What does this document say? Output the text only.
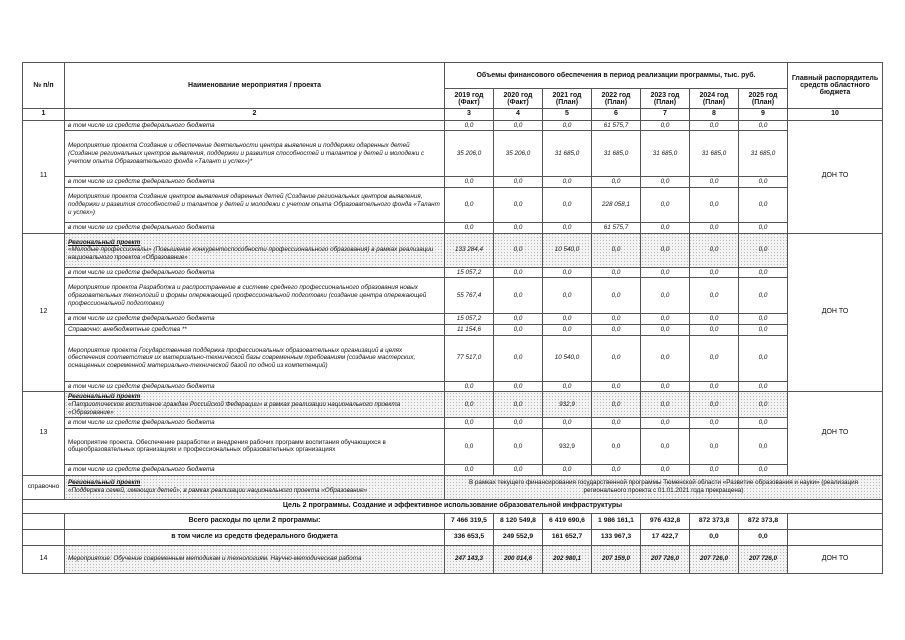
№ п/п	Наименование мероприятия / проекта	Объемы финансового обеспечения в период реализации программы, тыс. руб.							Главный распорядитель средств областного бюджета
		2019 год (Факт)	2020 год (Факт)	2021 год (План)	2022 год (План)	2023 год (План)	2024 год (План)	2025 год (План)	
1	2	3	4	5	6	7	8	9	10
11	в том числе из средств федерального бюджета	0,0	0,0	0,0	61 575,7	0,0	0,0	0,0	ДОН ТО
	Мероприятие проекта Создание и обеспечение деятельности центра выявления и поддержки одаренных детей (Создание региональных центров выявления, поддержки и развития способностей и талантов у детей и молодежи с учетом опыта Образовательного фонда «Талант и успех»)*	35 206,0	35 206,0	31 685,0	31 685,0	31 685,0	31 685,0	31 685,0	
	в том числе из средств федерального бюджета	0,0	0,0	0,0	0,0	0,0	0,0	0,0	
	Мероприятие проекта Создание центров выявления одаренных детей (Создание региональных центров выявления, поддержки и развития способностей и талантов у детей и молодежи с учетом опыта Образовательного фонда «Талант и успех»)	0,0	0,0	0,0	228 058,1	0,0	0,0	0,0	
	в том числе из средств федерального бюджета	0,0	0,0	0,0	61 575,7	0,0	0,0	0,0	
12	Региональный проект
«Молодые профессионалы» (Повышение конкурентоспособности профессионального образования) в рамках реализации национального проекта «Образование»	133 284,4	0,0	10 540,0	0,0	0,0	0,0	0,0	ДОН ТО
	в том числе из средств федерального бюджета	15 057,2	0,0	0,0	0,0	0,0	0,0	0,0	
	Мероприятие проекта Разработка и распространение в системе среднего профессионального образования новых образовательных технологий и формы опережающей профессиональной подготовки (создание центра опережающей профессиональной подготовки)	55 767,4	0,0	0,0	0,0	0,0	0,0	0,0	
	в том числе из средств федерального бюджета	15 057,2	0,0	0,0	0,0	0,0	0,0	0,0	
	Справочно: внебюджетные средства **	11 154,6	0,0	0,0	0,0	0,0	0,0	0,0	
	Мероприятие проекта Государственная поддержка профессиональных образовательных организаций в целях обеспечения соответствия их материально-технической базы современным требованиям (создание мастерских, оснащенных современной материально-технической базой по одной из компетенций)	77 517,0	0,0	10 540,0	0,0	0,0	0,0	0,0	
	в том числе из средств федерального бюджета	0,0	0,0	0,0	0,0	0,0	0,0	0,0	
13	Региональный проект
«Патриотическое воспитание граждан Российской Федерации» в рамках реализации национального проекта «Образование»	0,0	0,0	932,9	0,0	0,0	0,0	0,0	ДОН ТО
	в том числе из средств федерального бюджета	0,0	0,0	0,0	0,0	0,0	0,0	0,0	
	Мероприятие проекта. Обеспечение разработки и внедрения рабочих программ воспитания обучающихся в общеобразовательных организациях и профессиональных образовательных организациях	0,0	0,0	932,9	0,0	0,0	0,0	0,0	
	в том числе из средств федерального бюджета	0,0	0,0	0,0	0,0	0,0	0,0	0,0	
справочно	Региональный проект
«Поддержка семей, имеющих детей», в рамках реализации национального проекта «Образование»	В рамках текущего финансирования государственной программы Тюменской области «Развитие образования и науки» (реализация регионального проекта с 01.01.2021 года прекращена)							
Цель 2 программы. Создание и эффективное использование образовательной инфраструктуры									
	Всего расходы по цели 2 программы:	7 466 319,5	8 120 549,8	6 419 690,6	1 986 161,1	976 432,8	872 373,8	872 373,8	
	в том числе из средств федерального бюджета	336 653,5	249 552,9	161 652,7	133 967,3	17 422,7	0,0	0,0	
14	Мероприятие: Обучение современным методикам и технологиям. Научно-методическая работа	247 143,3	200 014,6	202 980,1	207 159,0	207 726,0	207 726,0	207 726,0	ДОН ТО
